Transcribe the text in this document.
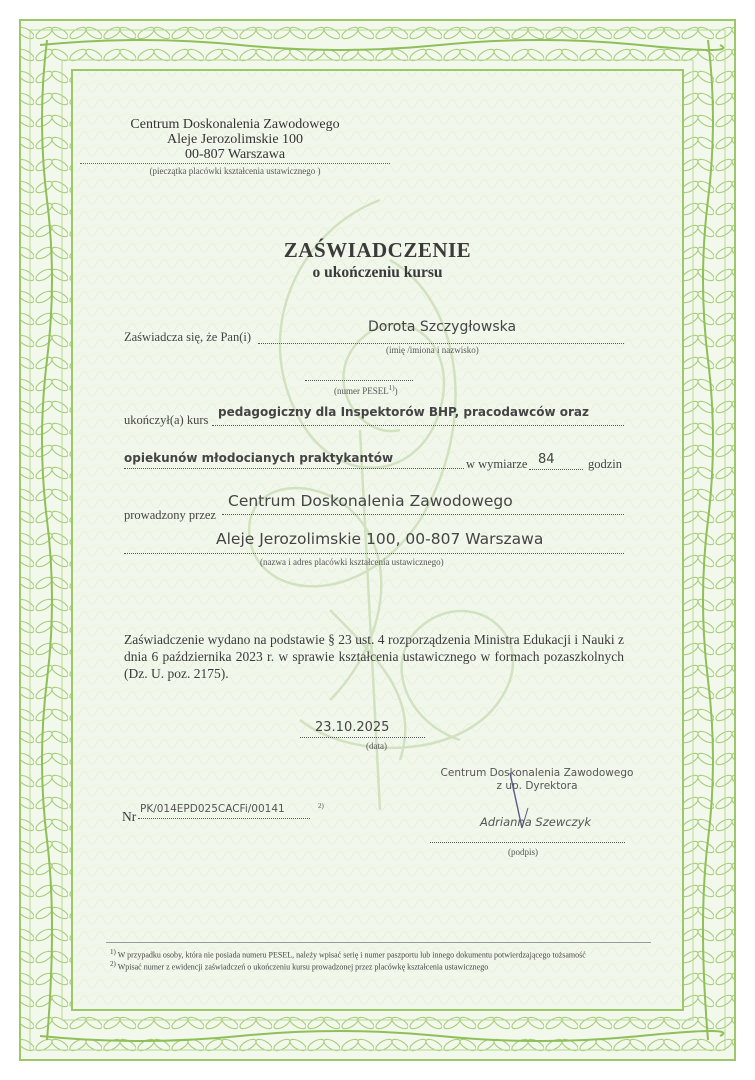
Centrum Doskonalenia Zawodowego
Aleje Jerozolimskie 100
00-807 Warszawa
(pieczątka placówki kształcenia ustawicznego )
ZAŚWIADCZENIE
o ukończeniu kursu
Zaświadcza się, że Pan(i)
Dorota Szczygłowska
(imię /imiona i nazwisko)
(numer PESEL$^{1)}$)
ukończył(a) kurs
pedagogiczny dla Inspektorów BHP, pracodawców oraz
opiekunów młodocianych praktykantów	w wymiarze 84	godzin
prowadzony przez
Centrum Doskonalenia Zawodowego
Aleje Jerozolimskie 100, 00-807 Warszawa
(nazwa i adres placówki kształcenia ustawicznego)
Zaświadczenie wydano na podstawie § 23 ust. 4 rozporządzenia Ministra Edukacji i Nauki z dnia 6 października 2023 r. w sprawie kształcenia ustawicznego w formach pozaszkolnych (Dz. U. poz. 2175).
23.10.2025
(data)
Centrum Doskonalenia Zawodowego
z up. Dyrektora
Adrianna Szewczyk
(podpis)
Nr PK/014EPD025CACFi/00141	2)
$^{1)}$ W przypadku osoby, która nie posiada numeru PESEL, należy wpisać serię i numer paszportu lub innego dokumentu potwierdzającego tożsamość
$^{2)}$ Wpisać numer z ewidencji zaświadczeń o ukończeniu kursu prowadzonej przez placówkę kształcenia ustawicznego
